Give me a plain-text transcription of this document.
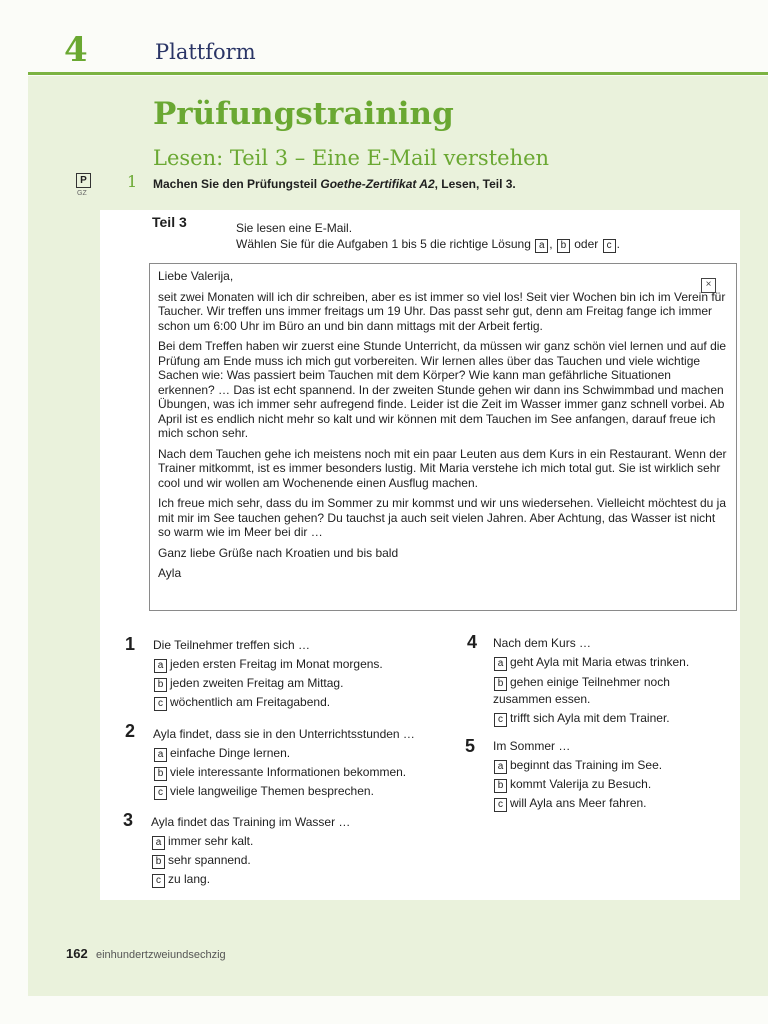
4	Plattform
Prüfungstraining
Lesen: Teil 3 – Eine E-Mail verstehen
P
GZ
1 Machen Sie den Prüfungsteil Goethe-Zertifikat A2, Lesen, Teil 3.
Teil 3	Sie lesen eine E-Mail.
Wählen Sie für die Aufgaben 1 bis 5 die richtige Lösung a , b oder c .
×

Liebe Valerija,

seit zwei Monaten will ich dir schreiben, aber es ist immer so viel los! Seit vier Wochen bin ich im Verein für Taucher. Wir treffen uns immer freitags um 19 Uhr. Das passt sehr gut, denn am Freitag fange ich immer schon um 6:00 Uhr im Büro an und bin dann mittags mit der Arbeit fertig.

Bei dem Treffen haben wir zuerst eine Stunde Unterricht, da müssen wir ganz schön viel lernen und auf die Prüfung am Ende muss ich mich gut vorbereiten. Wir lernen alles über das Tauchen und viele wichtige Sachen wie: Was passiert beim Tauchen mit dem Körper? Wie kann man gefährliche Situationen erkennen? … Das ist echt spannend. In der zweiten Stunde gehen wir dann ins Schwimmbad und machen Übungen, was ich immer sehr aufregend finde. Leider ist die Zeit im Wasser immer ganz schnell vorbei. Ab April ist es endlich nicht mehr so kalt und wir können mit dem Tauchen im See anfangen, darauf freue ich mich schon sehr.

Nach dem Tauchen gehe ich meistens noch mit ein paar Leuten aus dem Kurs in ein Restaurant. Wenn der Trainer mitkommt, ist es immer besonders lustig. Mit Maria verstehe ich mich total gut. Sie ist wirklich sehr cool und wir wollen am Wochenende einen Ausflug machen.

Ich freue mich sehr, dass du im Sommer zu mir kommst und wir uns wiedersehen. Vielleicht möchtest du ja mit mir im See tauchen gehen? Du tauchst ja auch seit vielen Jahren. Aber Achtung, das Wasser ist nicht so warm wie im Meer bei dir …

Ganz liebe Grüße nach Kroatien und bis bald

Ayla

1 Die Teilnehmer treffen sich …
a jeden ersten Freitag im Monat morgens.
b jeden zweiten Freitag am Mittag.
c wöchentlich am Freitagabend.
2 Ayla findet, dass sie in den Unterrichtsstunden …
a einfache Dinge lernen.
b viele interessante Informationen bekommen.
c viele langweilige Themen besprechen.
3 Ayla findet das Training im Wasser …
a immer sehr kalt.
b sehr spannend.
c zu lang.
4 Nach dem Kurs …
a geht Ayla mit Maria etwas trinken.
b gehen einige Teilnehmer noch zusammen essen.
c trifft sich Ayla mit dem Trainer.
5 Im Sommer …
a beginnt das Training im See.
b kommt Valerija zu Besuch.
c will Ayla ans Meer fahren.
162 einhundertzweiundsechzig
